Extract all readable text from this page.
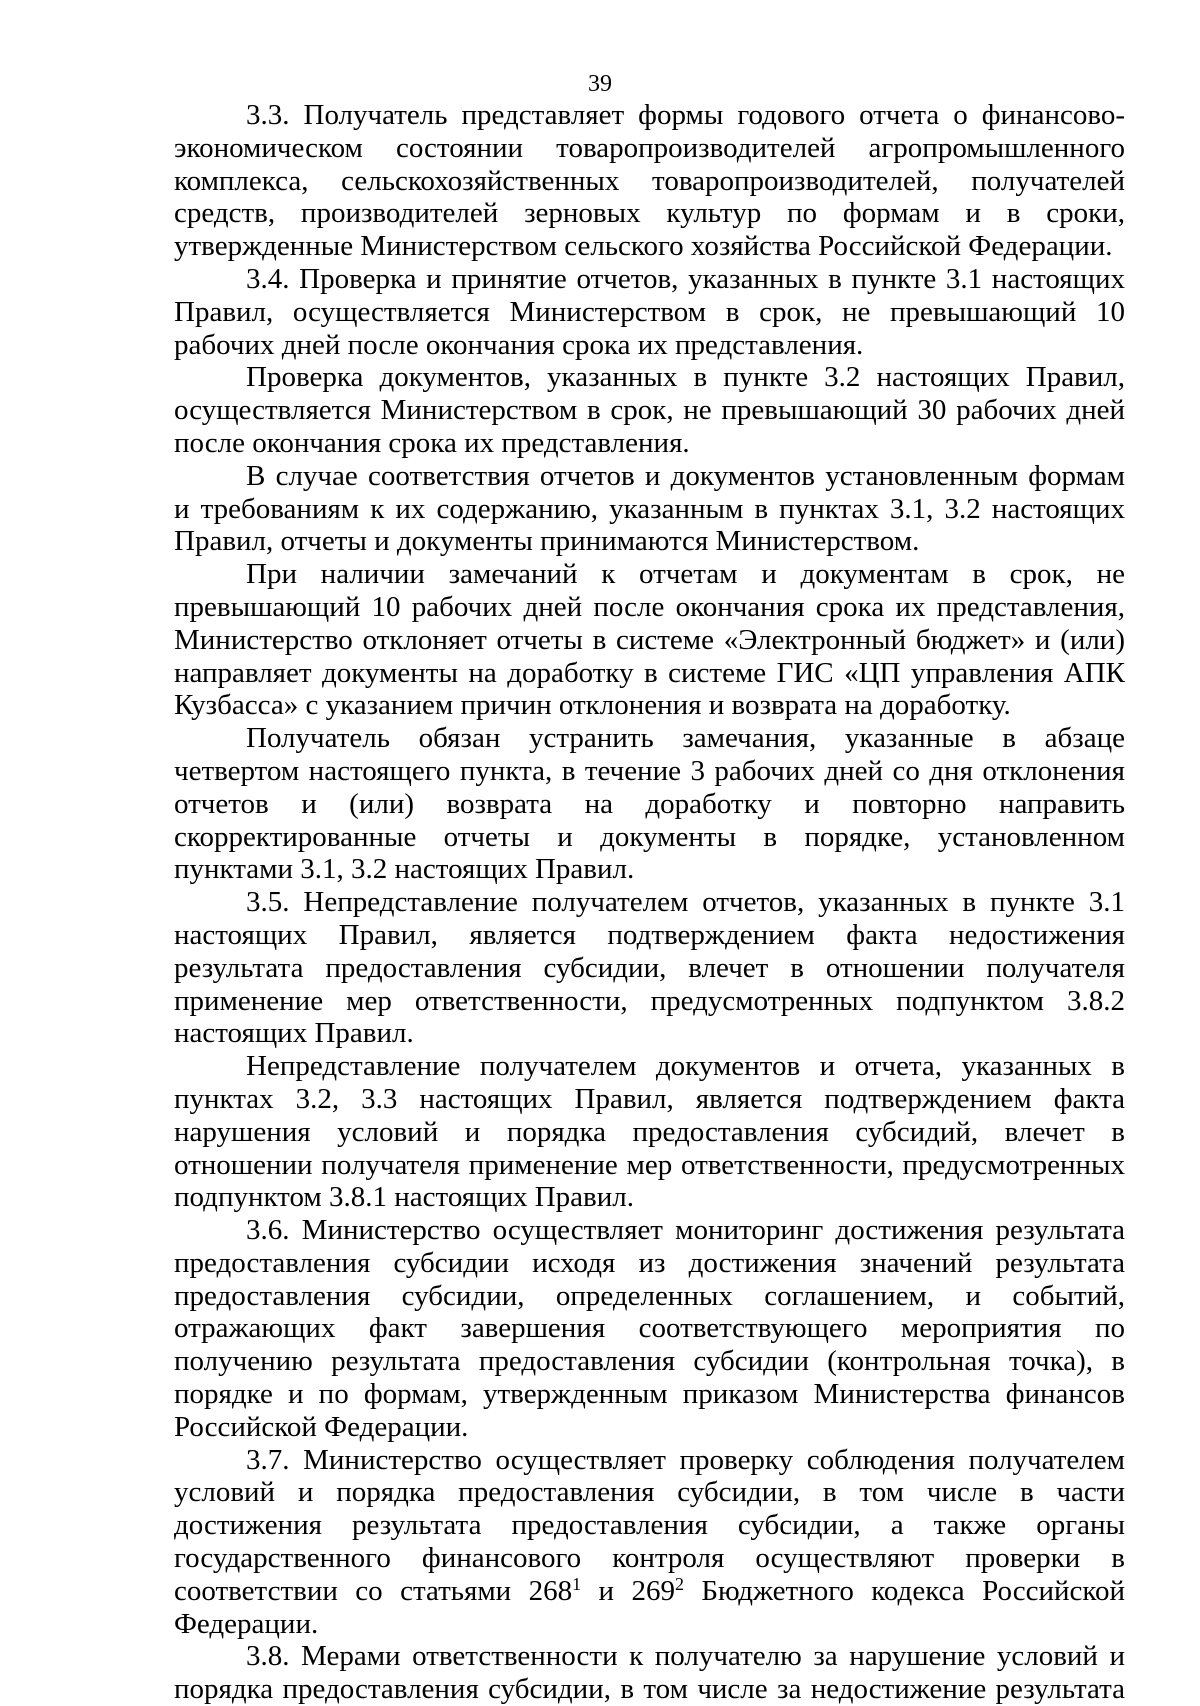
39

3.3. Получатель представляет формы годового отчета о финансово-экономическом состоянии товаропроизводителей агропромышленного комплекса, сельскохозяйственных товаропроизводителей, получателей средств, производителей зерновых культур по формам и в сроки, утвержденные Министерством сельского хозяйства Российской Федерации.

3.4. Проверка и принятие отчетов, указанных в пункте 3.1 настоящих Правил, осуществляется Министерством в срок, не превышающий 10 рабочих дней после окончания срока их представления.

Проверка документов, указанных в пункте 3.2 настоящих Правил, осуществляется Министерством в срок, не превышающий 30 рабочих дней после окончания срока их представления.

В случае соответствия отчетов и документов установленным формам и требованиям к их содержанию, указанным в пунктах 3.1, 3.2 настоящих Правил, отчеты и документы принимаются Министерством.

При наличии замечаний к отчетам и документам в срок, не превышающий 10 рабочих дней после окончания срока их представления, Министерство отклоняет отчеты в системе «Электронный бюджет» и (или) направляет документы на доработку в системе ГИС «ЦП управления АПК Кузбасса» с указанием причин отклонения и возврата на доработку.

Получатель обязан устранить замечания, указанные в абзаце четвертом настоящего пункта, в течение 3 рабочих дней со дня отклонения отчетов и (или) возврата на доработку и повторно направить скорректированные отчеты и документы в порядке, установленном пунктами 3.1, 3.2 настоящих Правил.

3.5. Непредставление получателем отчетов, указанных в пункте 3.1 настоящих Правил, является подтверждением факта недостижения результата предоставления субсидии, влечет в отношении получателя применение мер ответственности, предусмотренных подпунктом 3.8.2 настоящих Правил.

Непредставление получателем документов и отчета, указанных в пунктах 3.2, 3.3 настоящих Правил, является подтверждением факта нарушения условий и порядка предоставления субсидий, влечет в отношении получателя применение мер ответственности, предусмотренных подпунктом 3.8.1 настоящих Правил.

3.6. Министерство осуществляет мониторинг достижения результата предоставления субсидии исходя из достижения значений результата предоставления субсидии, определенных соглашением, и событий, отражающих факт завершения соответствующего мероприятия по получению результата предоставления субсидии (контрольная точка), в порядке и по формам, утвержденным приказом Министерства финансов Российской Федерации.

3.7. Министерство осуществляет проверку соблюдения получателем условий и порядка предоставления субсидии, в том числе в части достижения результата предоставления субсидии, а также органы государственного финансового контроля осуществляют проверки в соответствии со статьями $268^1$ и $269^2$ Бюджетного кодекса Российской Федерации.

3.8. Мерами ответственности к получателю за нарушение условий и порядка предоставления субсидии, в том числе за недостижение результата
